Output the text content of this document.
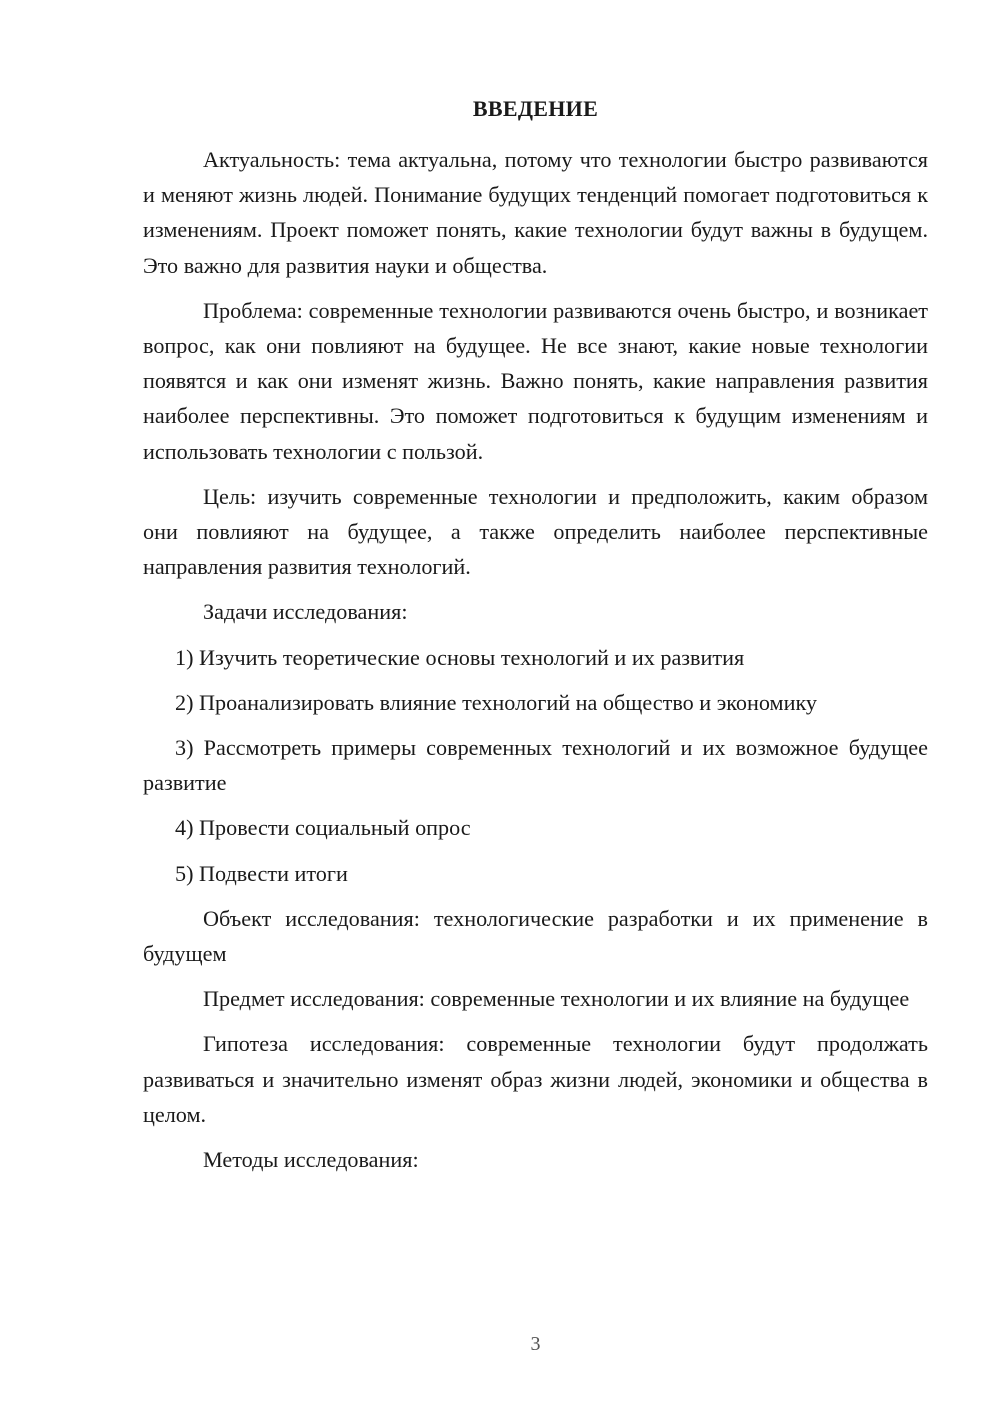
ВВЕДЕНИЕ

Актуальность: тема актуальна, потому что технологии быстро развиваются и меняют жизнь людей. Понимание будущих тенденций помогает подготовиться к изменениям. Проект поможет понять, какие технологии будут важны в будущем. Это важно для развития науки и общества.

Проблема: современные технологии развиваются очень быстро, и возникает вопрос, как они повлияют на будущее. Не все знают, какие новые технологии появятся и как они изменят жизнь. Важно понять, какие направления развития наиболее перспективны. Это поможет подготовиться к будущим изменениям и использовать технологии с пользой.

Цель: изучить современные технологии и предположить, каким образом они повлияют на будущее, а также определить наиболее перспективные направления развития технологий.

Задачи исследования:

1) Изучить теоретические основы технологий и их развития

2) Проанализировать влияние технологий на общество и экономику

3) Рассмотреть примеры современных технологий и их возможное будущее развитие

4) Провести социальный опрос

5) Подвести итоги

Объект исследования: технологические разработки и их применение в будущем

Предмет исследования: современные технологии и их влияние на будущее

Гипотеза исследования: современные технологии будут продолжать развиваться и значительно изменят образ жизни людей, экономики и общества в целом.

Методы исследования:

3
